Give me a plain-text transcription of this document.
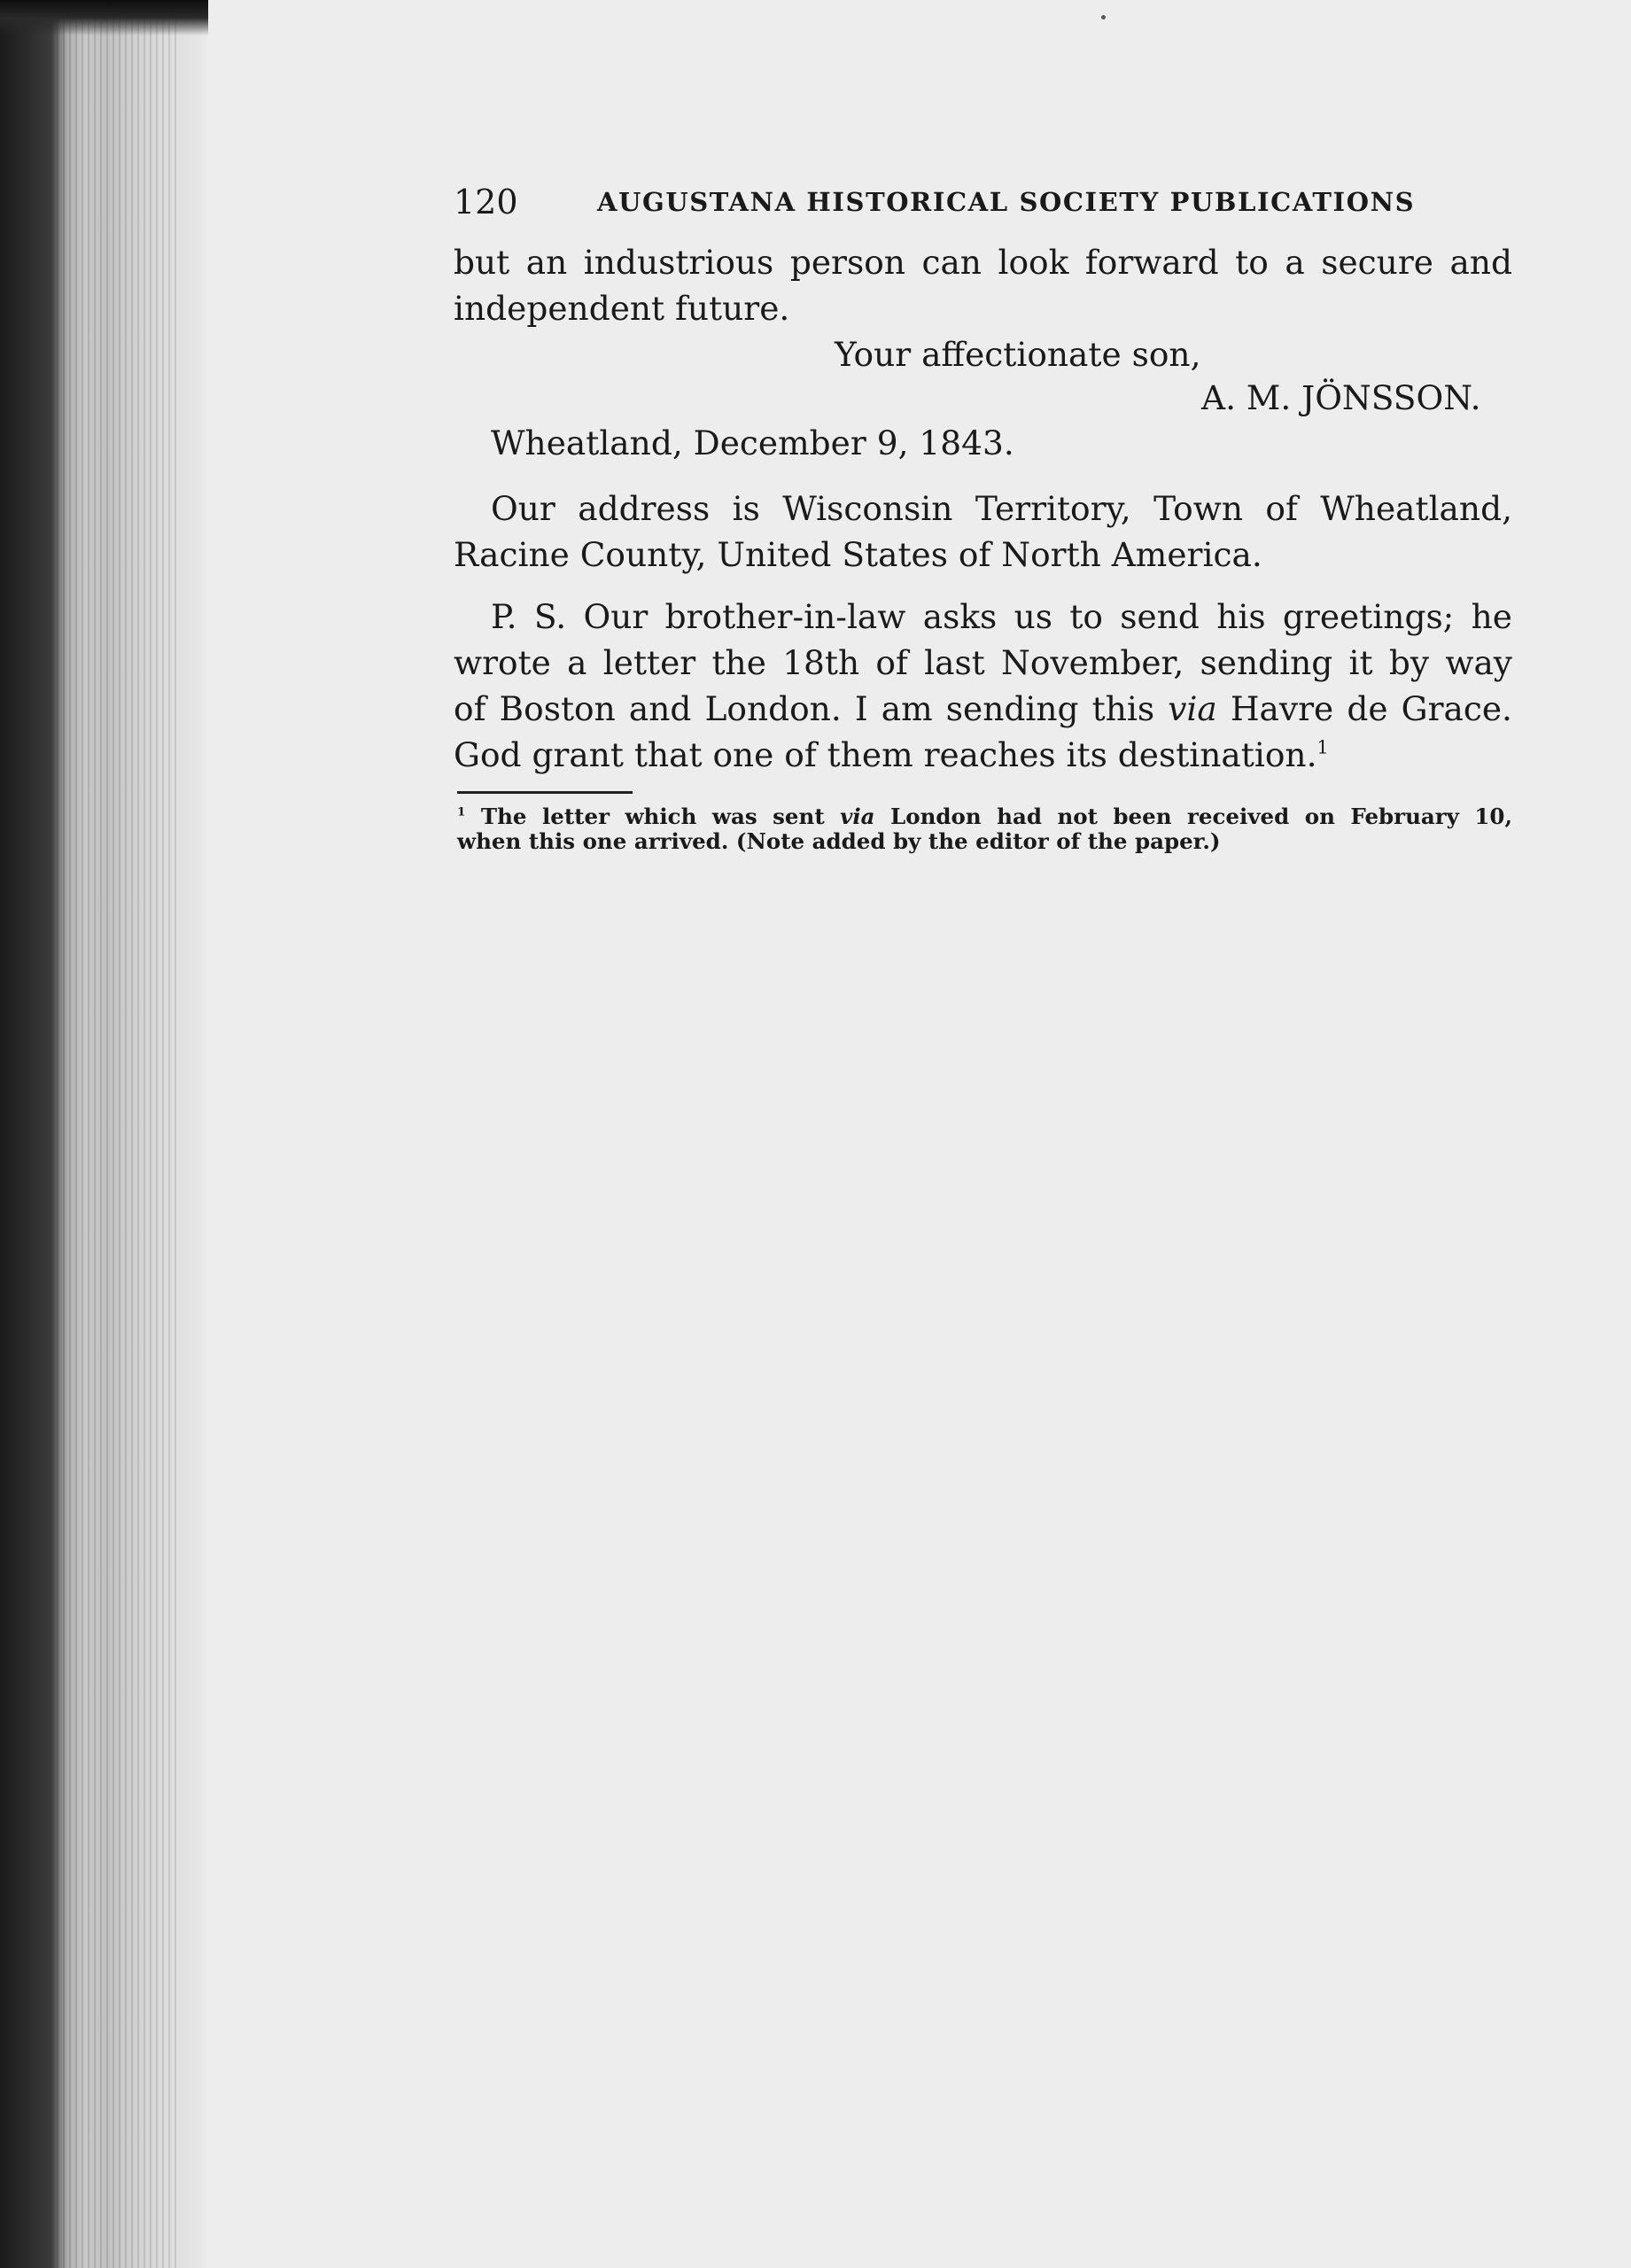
120	AUGUSTANA HISTORICAL SOCIETY PUBLICATIONS
but an industrious person can look forward to a secure and
independent future.
Your affectionate son,
A. M. JÖNSSON.
Wheatland, December 9, 1843.
Our address is Wisconsin Territory, Town of Wheatland,
Racine County, United States of North America.
P. S. Our brother-in-law asks us to send his greetings; he
wrote a letter the 18th of last November, sending it by way
of Boston and London. I am sending this via Havre de Grace.
God grant that one of them reaches its destination.$^1$
$^1$ The letter which was sent via London had not been received on February 10,
when this one arrived. (Note added by the editor of the paper.)
